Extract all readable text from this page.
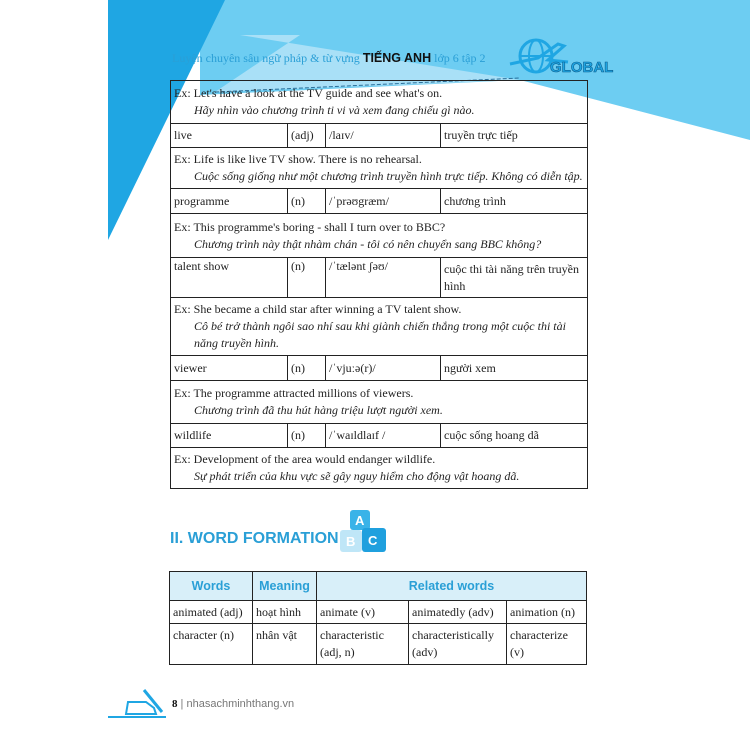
Luyện chuyên sâu ngữ pháp & từ vựng TIẾNG ANH lớp 6 tập 2
GLOBAL
Ex: Let's have a look at the TV guide and see what's on.
Hãy nhìn vào chương trình ti vi và xem đang chiếu gì nào.			

live	(adj)	/laɪv/	truyền trực tiếp
Ex: Life is like live TV show. There is no rehearsal.
Cuộc sống giống như một chương trình truyền hình trực tiếp. Không có diễn tập.			

programme	(n)	/ˈprəʊgræm/	chương trình
Ex: This programme's boring - shall I turn over to BBC?
Chương trình này thật nhàm chán - tôi có nên chuyển sang BBC không?			

talent show	(n)	/ˈtælənt ʃəʊ/	cuộc thi tài năng trên truyền hình
Ex: She became a child star after winning a TV talent show.
Cô bé trở thành ngôi sao nhí sau khi giành chiến thắng trong một cuộc thi tài năng truyền hình.			

viewer	(n)	/ˈvjuːə(r)/	người xem
Ex: The programme attracted millions of viewers.
Chương trình đã thu hút hàng triệu lượt người xem.			

wildlife	(n)	/ˈwaɪldlaɪf /	cuộc sống hoang dã
Ex: Development of the area would endanger wildlife.
Sự phát triển của khu vực sẽ gây nguy hiểm cho động vật hoang dã.			
II. WORD FORMATION
A
B C
Words	Meaning	Related words		
animated (adj)	hoạt hình	animate (v)	animatedly (adv)	animation (n)
character (n)	nhân vật	characteristic (adj, n)	characteristically (adv)	characterize (v)
8 | nhasachminhthang.vn
